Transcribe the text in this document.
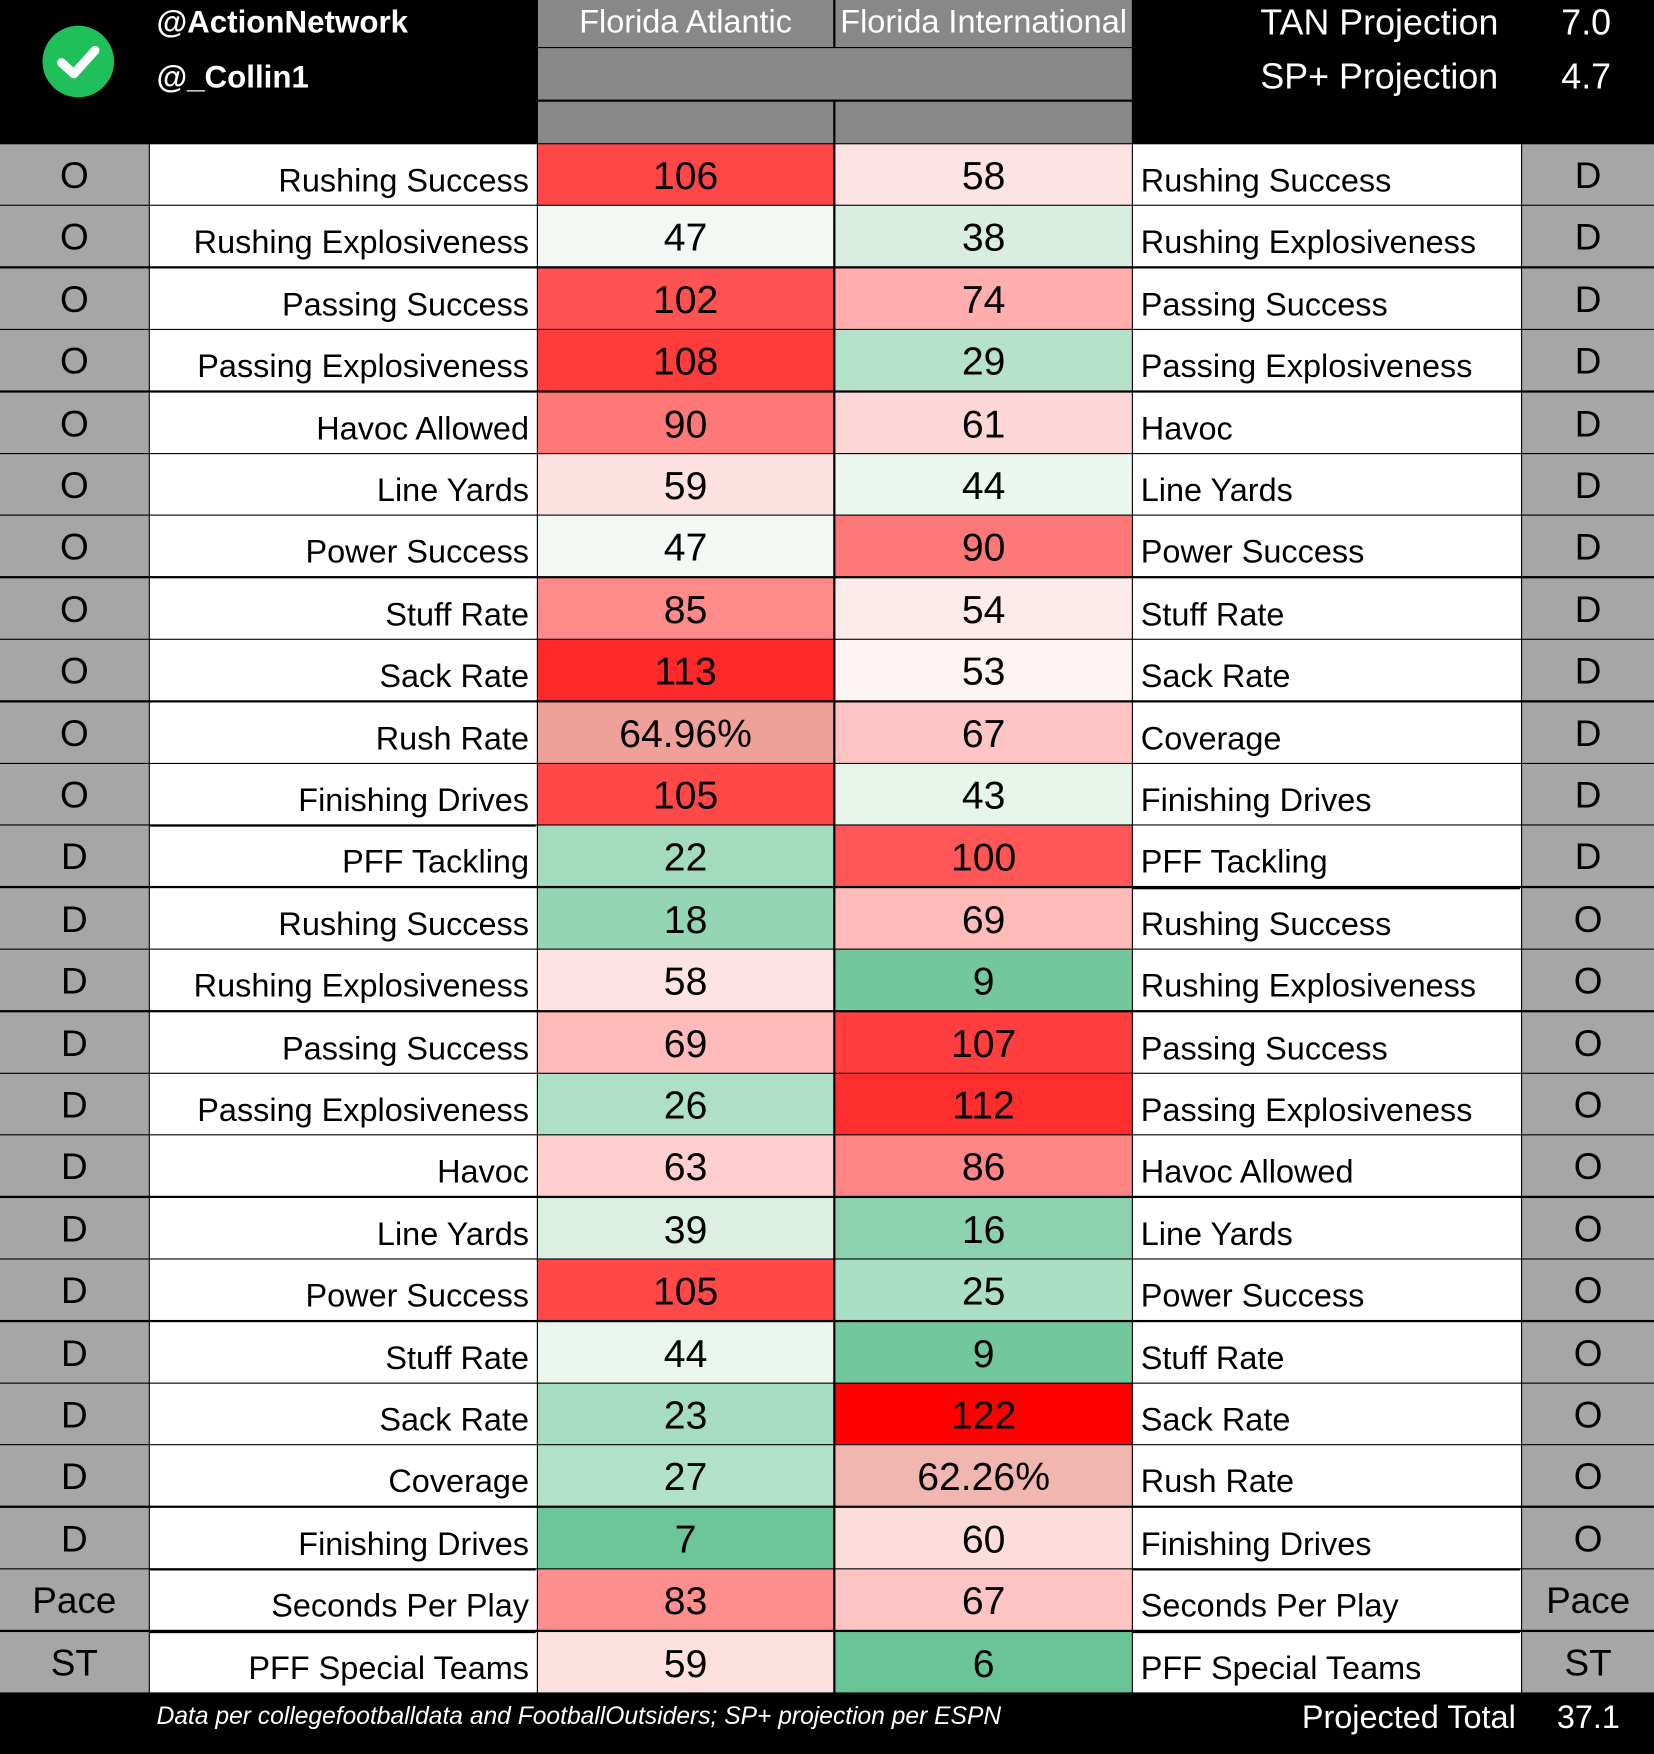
@ActionNetwork
@_Collin1
Florida Atlantic	Florida International	TAN Projection 7.0
SP+ Projection 4.7
O	Rushing Success	106	58	Rushing Success	D
O	Rushing Explosiveness	47	38	Rushing Explosiveness	D
O	Passing Success	102	74	Passing Success	D
O	Passing Explosiveness	108	29	Passing Explosiveness	D
O	Havoc Allowed	90	61	Havoc	D
O	Line Yards	59	44	Line Yards	D
O	Power Success	47	90	Power Success	D
O	Stuff Rate	85	54	Stuff Rate	D
O	Sack Rate	113	53	Sack Rate	D
O	Rush Rate	64.96%	67	Coverage	D
O	Finishing Drives	105	43	Finishing Drives	D
D	PFF Tackling	22	100	PFF Tackling	D
D	Rushing Success	18	69	Rushing Success	O
D	Rushing Explosiveness	58	9	Rushing Explosiveness	O
D	Passing Success	69	107	Passing Success	O
D	Passing Explosiveness	26	112	Passing Explosiveness	O
D	Havoc	63	86	Havoc Allowed	O
D	Line Yards	39	16	Line Yards	O
D	Power Success	105	25	Power Success	O
D	Stuff Rate	44	9	Stuff Rate	O
D	Sack Rate	23	122	Sack Rate	O
D	Coverage	27	62.26%	Rush Rate	O
D	Finishing Drives	7	60	Finishing Drives	O
Pace	Seconds Per Play	83	67	Seconds Per Play	Pace
ST	PFF Special Teams	59	6	PFF Special Teams	ST
Data per collegefootballdata and FootballOutsiders; SP+ projection per ESPN	Projected Total 37.1
